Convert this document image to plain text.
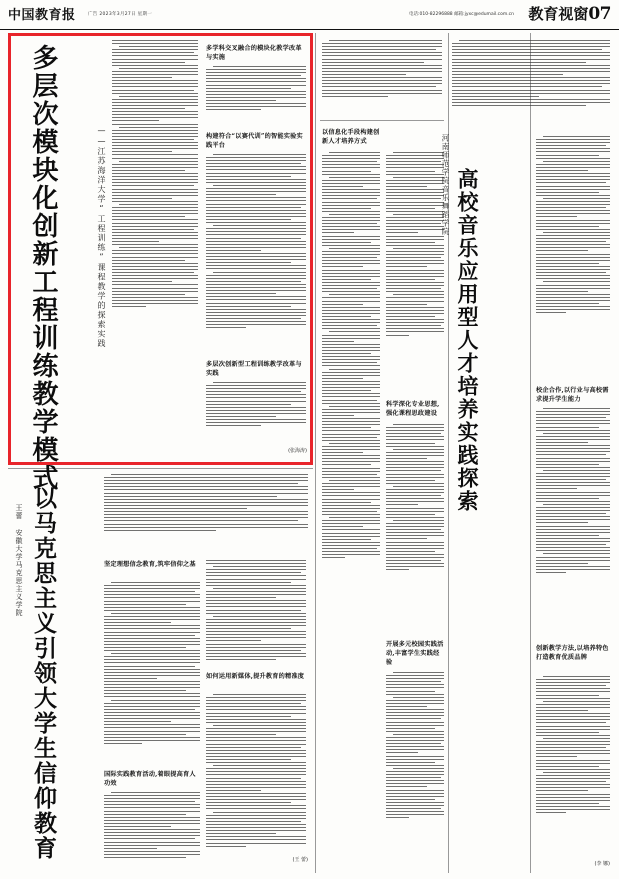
中国教育报	广告 2023年3月27日 星期一	电话:010-82296888 邮箱:jyxc@edumail.com.cn 教育视窗07
多层次模块化创新工程训练教学模式	——江苏海洋大学“工程训练”课程教学的探索实践
多学科交叉融合的模块化教学改革与实施
构建符合“以赛代训”的智能实验实践平台
多层次创新型工程训练教学改革与实践
(张海涛)
以马克思主义引领大学生信仰教育
王蕾 安徽大学马克思主义学院	坚定理想信念教育,筑牢信仰之基
国际实践教育活动,着眼提高育人功效
如何运用新媒体,提升教育的精准度
(王 蕾)
以信息化手段构建创新人才培养方式
科学深化专业思想,强化课程思政建设
开展多元校园实践活动,丰富学生实践经验
高校音乐应用型人才培养实践探索
河南师范学院音乐舞蹈学院
校企合作,以行业与高校需求提升学生能力
创新教学方法,以培养特色打造教育优质品牌
(李 娜)
